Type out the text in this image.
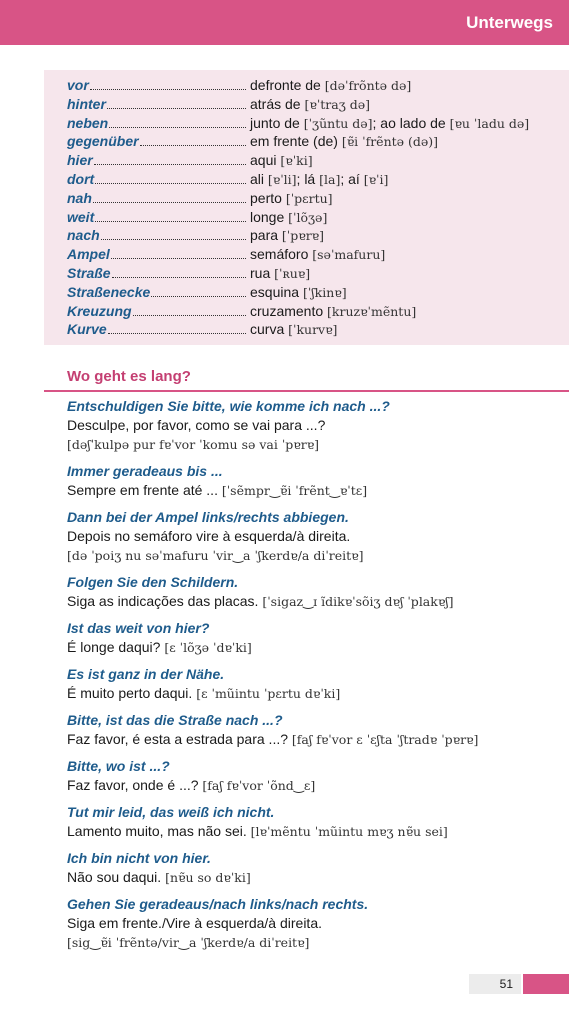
Unterwegs
vor	defronte de [dəˈfrõntə də]
hinter	atrás de [ɐˈtraʒ də]
neben	junto de [ˈʒũntu də]; ao lado de [ɐu ˈladu də]
gegenüber	em frente (de) [ɐ̃i ˈfrẽntə (də)]
hier	aqui [ɐˈki]
dort	ali [ɐˈli]; lá [la]; aí [ɐˈi]
nah	perto [ˈpɛrtu]
weit	longe [ˈlõʒə]
nach	para [ˈpɐrɐ]
Ampel	semáforo [səˈmafuru]
Straße	rua [ˈʀuɐ]
Straßenecke	esquina [ˈʃkinɐ]
Kreuzung	cruzamento [kruzɐˈmẽntu]
Kurve	curva [ˈkurvɐ]
Wo geht es lang?
Entschuldigen Sie bitte, wie komme ich nach ...?
Desculpe, por favor, como se vai para ...?
[dəʃˈkulpə pur fɐˈvor ˈkomu sə vai ˈpɐrɐ]
Immer geradeaus bis ...
Sempre em frente até ... [ˈsẽmpr‿ɐ̃i ˈfrẽnt‿ɐˈtɛ]
Dann bei der Ampel links/rechts abbiegen.
Depois no semáforo vire à esquerda/à direita.
[də ˈpoiʒ nu səˈmafuru ˈvir‿a ˈʃkerdɐ/a diˈreitɐ]
Folgen Sie den Schildern.
Siga as indicações das placas. [ˈsigaz‿ɪ ĩdikɐˈsõiʒ dɐʃ ˈplakɐʃ]
Ist das weit von hier?
É longe daqui? [ɛ ˈlõʒə ˈdɐˈki]
Es ist ganz in der Nähe.
É muito perto daqui. [ɛ ˈmũintu ˈpɛrtu dɐˈki]
Bitte, ist das die Straße nach ...?
Faz favor, é esta a estrada para ...? [faʃ fɐˈvor ɛ ˈɛʃta ˈʃtradɐ ˈpɐrɐ]
Bitte, wo ist ...?
Faz favor, onde é ...? [faʃ fɐˈvor ˈõnd‿ɛ]
Tut mir leid, das weiß ich nicht.
Lamento muito, mas não sei. [lɐˈmẽntu ˈmũintu mɐʒ nɐ̃u sei]
Ich bin nicht von hier.
Não sou daqui. [nɐ̃u so dɐˈki]
Gehen Sie geradeaus/nach links/nach rechts.
Siga em frente./Vire à esquerda/à direita.
[sig‿ɐ̃i ˈfrẽntə/vir‿a ˈʃkerdɐ/a diˈreitɐ]
51
